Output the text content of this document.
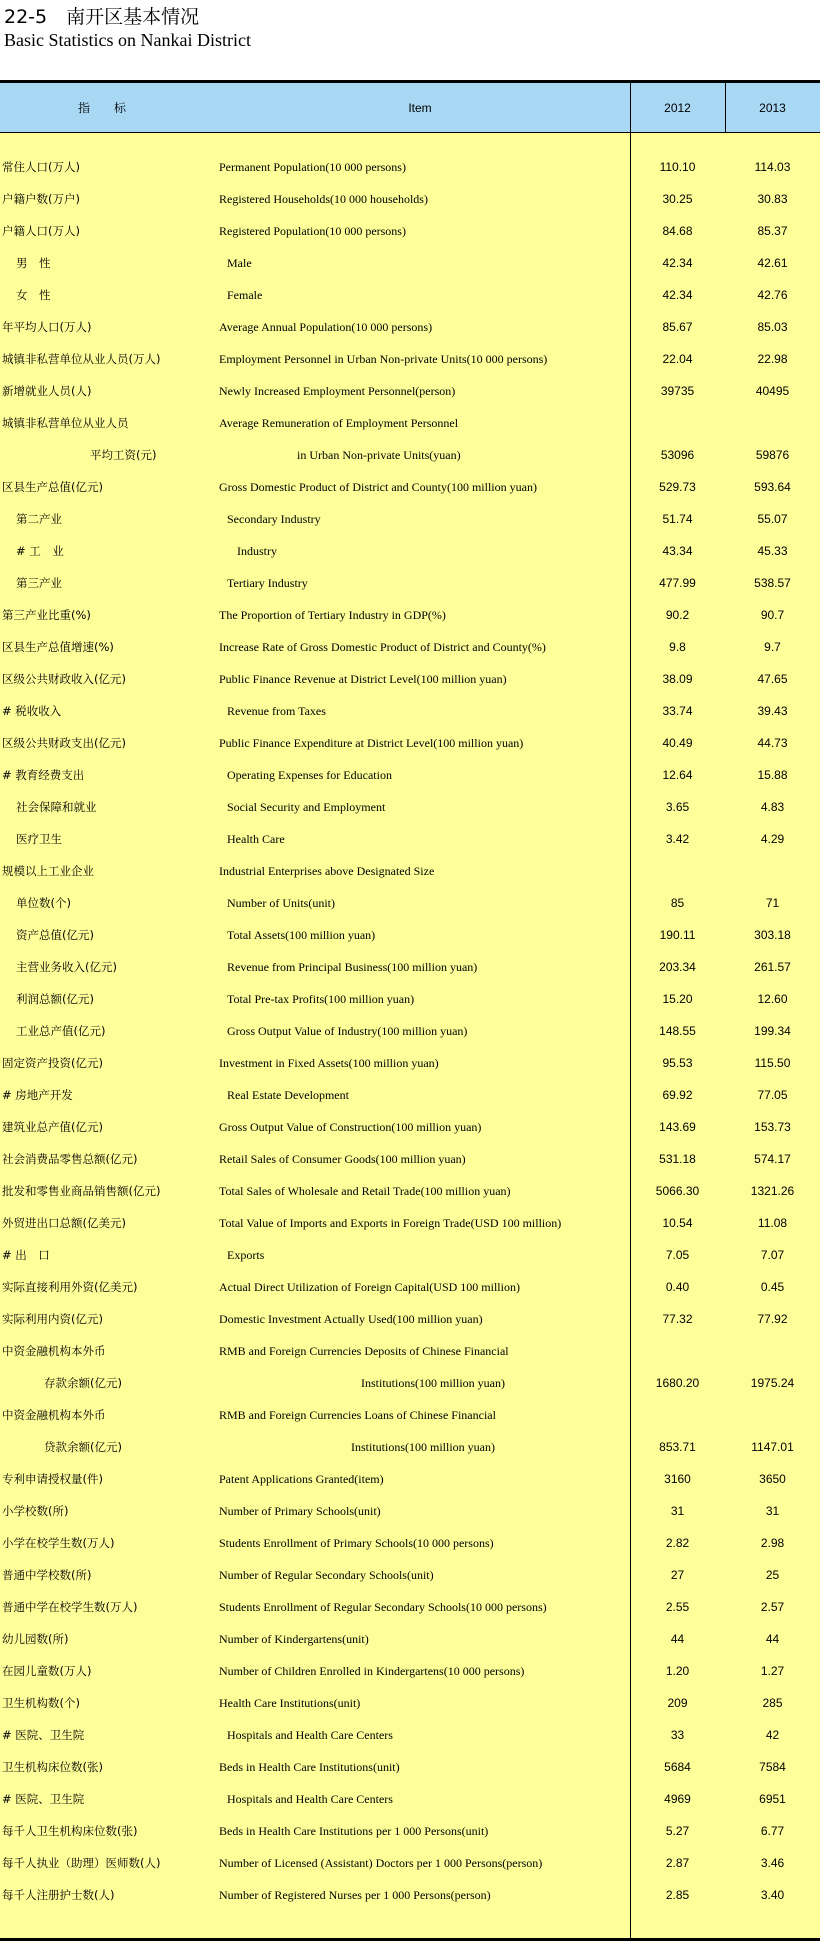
22-5　南开区基本情况
Basic Statistics on Nankai District
指　标	Item	2012	2013
常住人口(万人)	Permanent Population(10 000 persons)	110.10	114.03
户籍户数(万户)	Registered Households(10 000 households)	30.25	30.83
户籍人口(万人)	Registered Population(10 000 persons)	84.68	85.37
男　性	Male	42.34	42.61
女　性	Female	42.34	42.76
年平均人口(万人)	Average Annual Population(10 000 persons)	85.67	85.03
城镇非私营单位从业人员(万人)	Employment Personnel in Urban Non-private Units(10 000 persons)	22.04	22.98
新增就业人员(人)	Newly Increased Employment Personnel(person)	39735	40495
城镇非私营单位从业人员	Average Remuneration of Employment Personnel
平均工资(元)	in Urban Non-private Units(yuan)	53096	59876
区县生产总值(亿元)	Gross Domestic Product of District and County(100 million yuan)	529.73	593.64
第二产业	Secondary Industry	51.74	55.07
# 工　业	Industry	43.34	45.33
第三产业	Tertiary Industry	477.99	538.57
第三产业比重(%)	The Proportion of Tertiary Industry in GDP(%)	90.2	90.7
区县生产总值增速(%)	Increase Rate of Gross Domestic Product of District and County(%)	9.8	9.7
区级公共财政收入(亿元)	Public Finance Revenue at District Level(100 million yuan)	38.09	47.65
# 税收收入	Revenue from Taxes	33.74	39.43
区级公共财政支出(亿元)	Public Finance Expenditure at District Level(100 million yuan)	40.49	44.73
# 教育经费支出	Operating Expenses for Education	12.64	15.88
社会保障和就业	Social Security and Employment	3.65	4.83
医疗卫生	Health Care	3.42	4.29
规模以上工业企业	Industrial Enterprises above Designated Size
单位数(个)	Number of Units(unit)	85	71
资产总值(亿元)	Total Assets(100 million yuan)	190.11	303.18
主营业务收入(亿元)	Revenue from Principal Business(100 million yuan)	203.34	261.57
利润总额(亿元)	Total Pre-tax Profits(100 million yuan)	15.20	12.60
工业总产值(亿元)	Gross Output Value of Industry(100 million yuan)	148.55	199.34
固定资产投资(亿元)	Investment in Fixed Assets(100 million yuan)	95.53	115.50
# 房地产开发	Real Estate Development	69.92	77.05
建筑业总产值(亿元)	Gross Output Value of Construction(100 million yuan)	143.69	153.73
社会消费品零售总额(亿元)	Retail Sales of Consumer Goods(100 million yuan)	531.18	574.17
批发和零售业商品销售额(亿元)	Total Sales of Wholesale and Retail Trade(100 million yuan)	5066.30	1321.26
外贸进出口总额(亿美元)	Total Value of Imports and Exports in Foreign Trade(USD 100 million)	10.54	11.08
# 出　口	Exports	7.05	7.07
实际直接利用外资(亿美元)	Actual Direct Utilization of Foreign Capital(USD 100 million)	0.40	0.45
实际利用内资(亿元)	Domestic Investment Actually Used(100 million yuan)	77.32	77.92
中资金融机构本外币	RMB and Foreign Currencies Deposits of Chinese Financial
存款余额(亿元)	Institutions(100 million yuan)	1680.20	1975.24
中资金融机构本外币	RMB and Foreign Currencies Loans of Chinese Financial
贷款余额(亿元)	Institutions(100 million yuan)	853.71	1147.01
专利申请授权量(件)	Patent Applications Granted(item)	3160	3650
小学校数(所)	Number of Primary Schools(unit)	31	31
小学在校学生数(万人)	Students Enrollment of Primary Schools(10 000 persons)	2.82	2.98
普通中学校数(所)	Number of Regular Secondary Schools(unit)	27	25
普通中学在校学生数(万人)	Students Enrollment of Regular Secondary Schools(10 000 persons)	2.55	2.57
幼儿园数(所)	Number of Kindergartens(unit)	44	44
在园儿童数(万人)	Number of Children Enrolled in Kindergartens(10 000 persons)	1.20	1.27
卫生机构数(个)	Health Care Institutions(unit)	209	285
# 医院、卫生院	Hospitals and Health Care Centers	33	42
卫生机构床位数(张)	Beds in Health Care Institutions(unit)	5684	7584
# 医院、卫生院	Hospitals and Health Care Centers	4969	6951
每千人卫生机构床位数(张)	Beds in Health Care Institutions per 1 000 Persons(unit)	5.27	6.77
每千人执业（助理）医师数(人)	Number of Licensed (Assistant) Doctors per 1 000 Persons(person)	2.87	3.46
每千人注册护士数(人)	Number of Registered Nurses per 1 000 Persons(person)	2.85	3.40
